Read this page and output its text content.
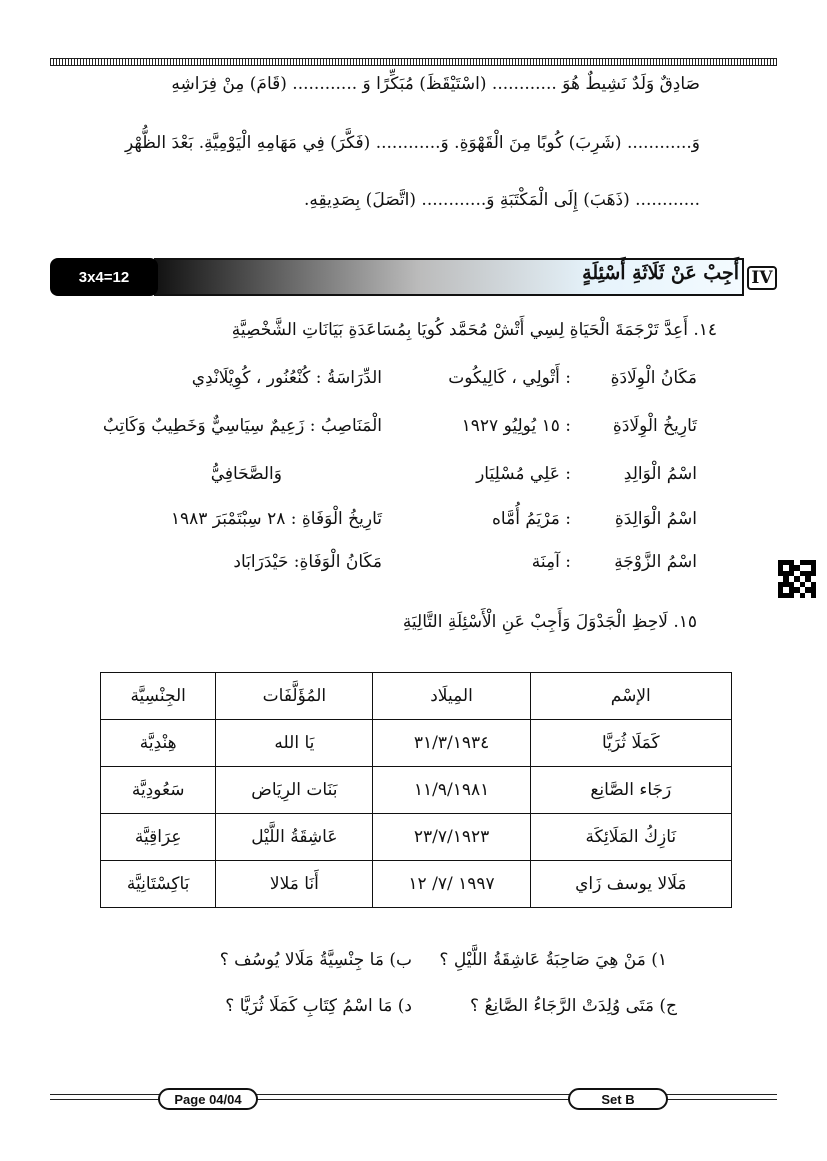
صَادِقٌ وَلَدٌ نَشِيطٌ هُوَ ............ (اسْتَيْقَظَ) مُبَكِّرًا وَ ............ (قَامَ) مِنْ فِرَاشِهِ
وَ............ (شَرِبَ) كُوبًا مِنَ الْقَهْوَةِ. وَ............ (فَكَّرَ) فِي مَهَامِهِ الْيَوْمِيَّةِ. بَعْدَ الظُّهْرِ
............ (ذَهَبَ) إِلَى الْمَكْتَبَةِ وَ............ (اتَّصَلَ) بِصَدِيقِهِ.
3x4=12	أَجِبْ عَنْ ثَلَاثَةِ أَسْئِلَةٍ IV
١٤. أَعِدَّ تَرْجَمَةَ الْحَيَاةِ لِسِي أَتْشْ مُحَمَّد كُويَا بِمُسَاعَدَةِ بَيَانَاتِ الشَّخْصِيَّةِ
مَكَانُ الْوِلَادَةِ
: أَتْولِي ، كَالِيكُوت
تَارِيخُ الْوِلَادَةِ
: ١٥ يُولِيُو ١٩٢٧
اسْمُ الْوَالِدِ
: عَلِي مُسْلِيَار
اسْمُ الْوَالِدَةِ
: مَرْيَمُ أُمَّاه
اسْمُ الزَّوْجَةِ
: آمِنَة
الدِّرَاسَةُ : كُنْعُنُور ، كُوِيْلَانْدِي
الْمَنَاصِبُ : زَعِيمٌ سِيَاسِيٌّ وَخَطِيبٌ وَكَاتِبٌ
وَالصَّحَافِيُّ
تَارِيخُ الْوَفَاةِ : ٢٨ سِبْتَمْبَرَ ١٩٨٣
مَكَانُ الْوَفَاةِ: حَيْدَرَابَاد
١٥. لَاحِظِ الْجَدْوَلَ وَأَجِبْ عَنِ الْأَسْئِلَةِ التَّالِيَةِ
الإسْم	المِيلَاد	المُؤَلَّفَات	الجِنْسِيَّة
كَمَلَا ثُرَيَّا	٣١/٣/١٩٣٤	يَا الله	هِنْدِيَّة
رَجَاء الصَّانِع	١١/٩/١٩٨١	بَنَات الرِيَاض	سَعُودِيَّة
نَازِكُ المَلَائِكَة	٢٣/٧/١٩٢٣	عَاشِقَةُ اللَّيْل	عِرَاقِيَّة
مَلَالا يوسف زَاي	١٩٩٧ /٧/ ١٢	أَنَا مَلالا	بَاكِسْتَانِيَّة
١) مَنْ هِيَ صَاحِبَةُ عَاشِقَةُ اللَّيْلِ ؟
ب) مَا جِنْسِيَّةُ مَلَالا يُوسُف ؟
ج) مَتَى وُلِدَتْ الرَّجَاءُ الصَّانِعُ ؟
د) مَا اسْمُ كِتَابِ كَمَلَا ثُرَيَّا ؟
Page 04/04	Set B
